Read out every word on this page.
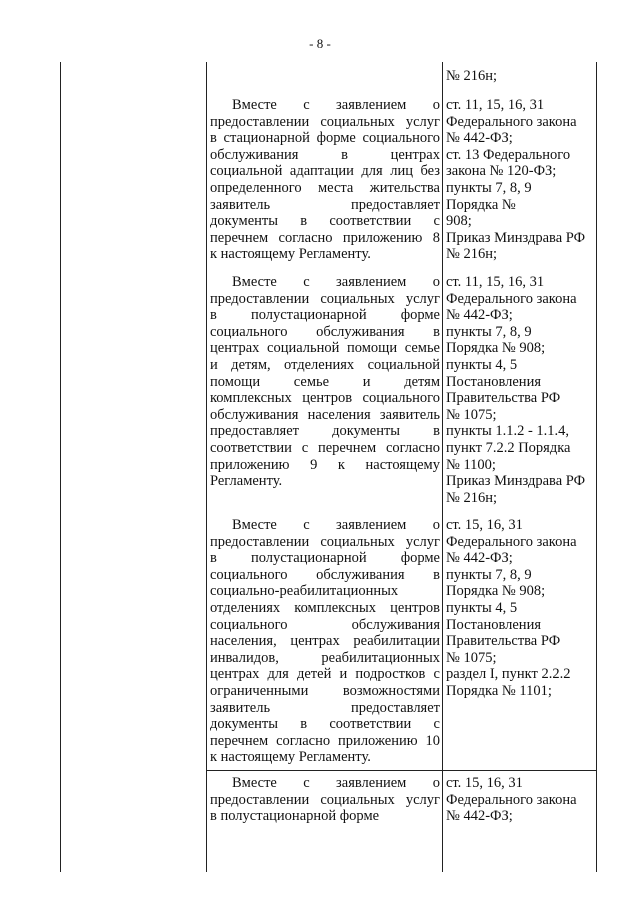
- 8 -
№ 216н;
Вместе с заявлением о
предоставлении социальных услуг
в стационарной форме социального
обслуживания в центрах
социальной адаптации для лиц без
определенного места жительства
заявитель предоставляет
документы в соответствии с
перечнем согласно приложению 8
к настоящему Регламенту.
ст. 11, 15, 16, 31
Федерального закона
№ 442-ФЗ;
ст. 13 Федерального
закона № 120-ФЗ;
пункты 7, 8, 9
Порядка №
908;
Приказ Минздрава РФ
№ 216н;
Вместе с заявлением о
предоставлении социальных услуг
в полустационарной форме
социального обслуживания в
центрах социальной помощи семье
и детям, отделениях социальной
помощи семье и детям
комплексных центров социального
обслуживания населения заявитель
предоставляет документы в
соответствии с перечнем согласно
приложению 9 к настоящему
Регламенту.
ст. 11, 15, 16, 31
Федерального закона
№ 442-ФЗ;
пункты 7, 8, 9
Порядка № 908;
пункты 4, 5
Постановления
Правительства РФ
№ 1075;
пункты 1.1.2 - 1.1.4,
пункт 7.2.2 Порядка
№ 1100;
Приказ Минздрава РФ
№ 216н;
Вместе с заявлением о
предоставлении социальных услуг
в полустационарной форме
социального обслуживания в
социально-реабилитационных
отделениях комплексных центров
социального обслуживания
населения, центрах реабилитации
инвалидов, реабилитационных
центрах для детей и подростков с
ограниченными возможностями
заявитель предоставляет
документы в соответствии с
перечнем согласно приложению 10
к настоящему Регламенту.
ст. 15, 16, 31
Федерального закона
№ 442-ФЗ;
пункты 7, 8, 9
Порядка № 908;
пункты 4, 5
Постановления
Правительства РФ
№ 1075;
раздел I, пункт 2.2.2
Порядка № 1101;
Вместе с заявлением о
предоставлении социальных услуг
в полустационарной форме
ст. 15, 16, 31
Федерального закона
№ 442-ФЗ;
